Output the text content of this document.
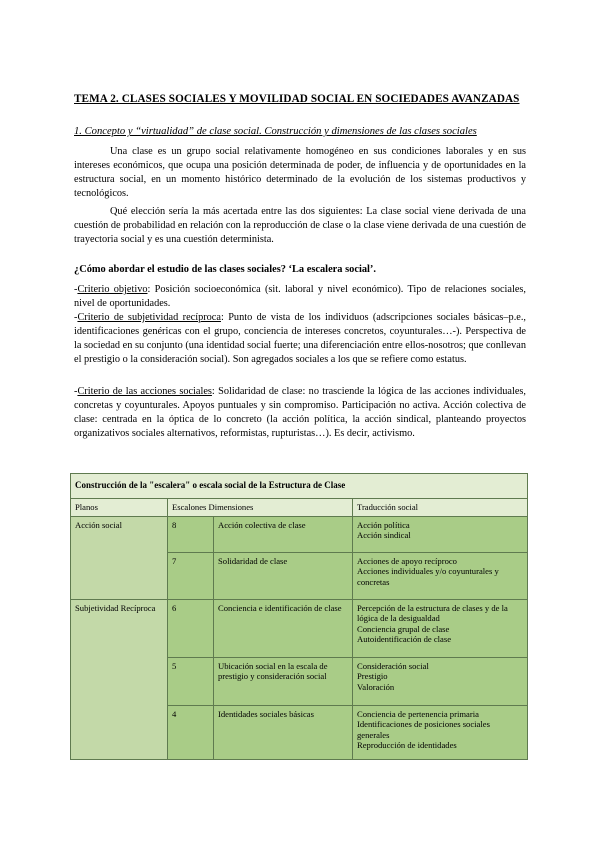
TEMA 2. CLASES SOCIALES Y MOVILIDAD SOCIAL EN SOCIEDADES AVANZADAS
1. Concepto y “virtualidad” de clase social. Construcción y dimensiones de las clases sociales

Una clase es un grupo social relativamente homogéneo en sus condiciones laborales y en sus intereses económicos, que ocupa una posición determinada de poder, de influencia y de oportunidades en la estructura social, en un momento histórico determinado de la evolución de los sistemas productivos y tecnológicos.

Qué elección sería la más acertada entre las dos siguientes: La clase social viene derivada de una cuestión de probabilidad en relación con la reproducción de clase o la clase viene derivada de una cuestión de trayectoria social y es una cuestión determinista.

¿Cómo abordar el estudio de las clases sociales? ‘La escalera social’.

-Criterio objetivo: Posición socioeconómica (sit. laboral y nivel económico). Tipo de relaciones sociales, nivel de oportunidades.

-Criterio de subjetividad recíproca: Punto de vista de los individuos (adscripciones sociales básicas–p.e., identificaciones genéricas con el grupo, conciencia de intereses concretos, coyunturales…-). Perspectiva de la sociedad en su conjunto (una identidad social fuerte; una diferenciación entre ellos-nosotros; que conllevan el prestigio o la consideración social). Son agregados sociales a los que se refiere como estatus.

-Criterio de las acciones sociales: Solidaridad de clase: no trasciende la lógica de las acciones individuales, concretas y coyunturales. Apoyos puntuales y sin compromiso. Participación no activa. Acción colectiva de clase: centrada en la óptica de lo concreto (la acción política, la acción sindical, planteando proyectos organizativos sociales alternativos, reformistas, rupturistas…). Es decir, activismo.

Construcción de la "escalera" o escala social de la Estructura de Clase			
Planos	Escalones Dimensiones		Traducción social
Acción social	8	Acción colectiva de clase	Acción política
Acción sindical

	7	Solidaridad de clase	Acciones de apoyo recíproco
Acciones individuales y/o coyunturales y concretas

Subjetividad Recíproca	6	Conciencia e identificación de clase	Percepción de la estructura de clases y de la lógica de la desigualdad
Conciencia grupal de clase
Autoidentificación de clase

	5	Ubicación social en la escala de prestigio y consideración social	Consideración social
Prestigio
Valoración

	4	Identidades sociales básicas	Conciencia de pertenencia primaria
Identificaciones de posiciones sociales generales
Reproducción de identidades
